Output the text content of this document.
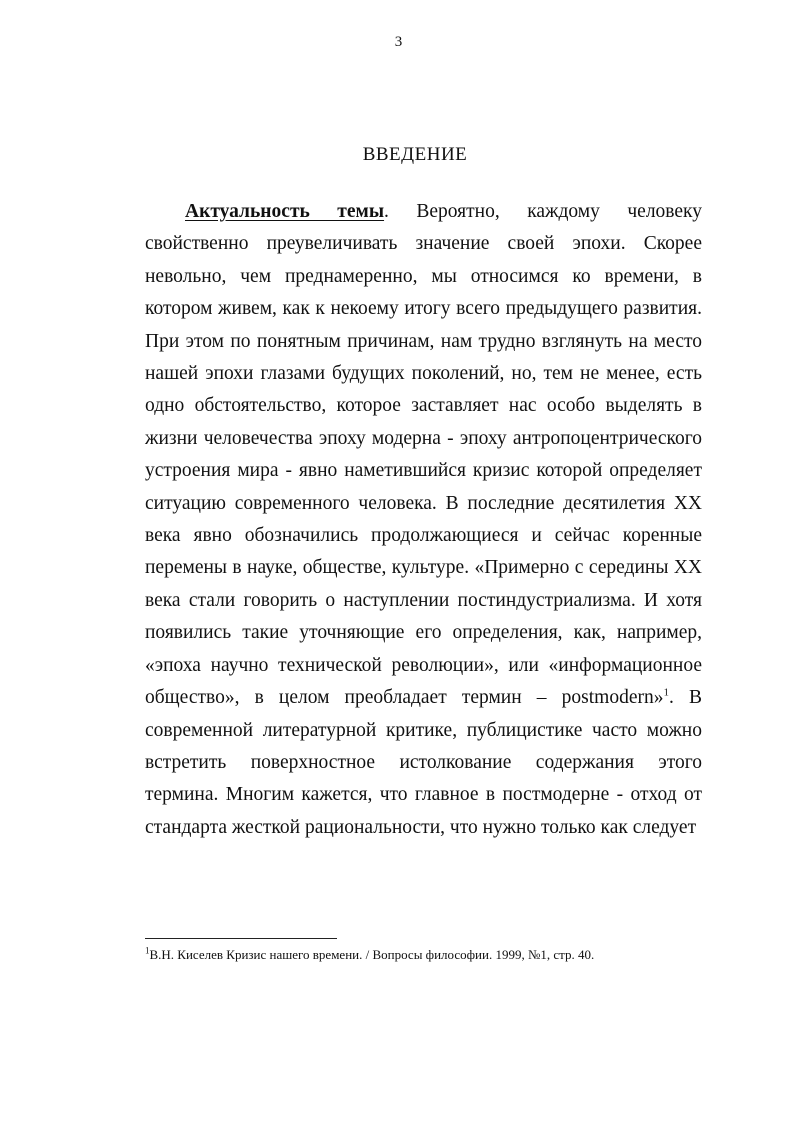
3
ВВЕДЕНИЕ
Актуальность темы. Вероятно, каждому человеку свойственно преувеличивать значение своей эпохи. Скорее невольно, чем преднамеренно, мы относимся ко времени, в котором живем, как к некоему итогу всего предыдущего развития. При этом по понятным причинам, нам трудно взглянуть на место нашей эпохи глазами будущих поколений, но, тем не менее, есть одно обстоятельство, которое заставляет нас особо выделять в жизни человечества эпоху модерна - эпоху антропоцентрического устроения мира - явно наметившийся кризис которой определяет ситуацию современного человека. В последние десятилетия XX века явно обозначились продолжающиеся и сейчас коренные перемены в науке, обществе, культуре. «Примерно с середины XX века стали говорить о наступлении постиндустриализма. И хотя появились такие уточняющие его определения, как, например, «эпоха научно технической революции», или «информационное общество», в целом преобладает термин – postmodern»$^1$. В современной литературной критике, публицистике часто можно встретить поверхностное истолкование содержания этого термина. Многим кажется, что главное в постмодерне - отход от стандарта жесткой рациональности, что нужно только как следует
$^1$В.Н. Киселев Кризис нашего времени. / Вопросы философии. 1999, №1, стр. 40.
